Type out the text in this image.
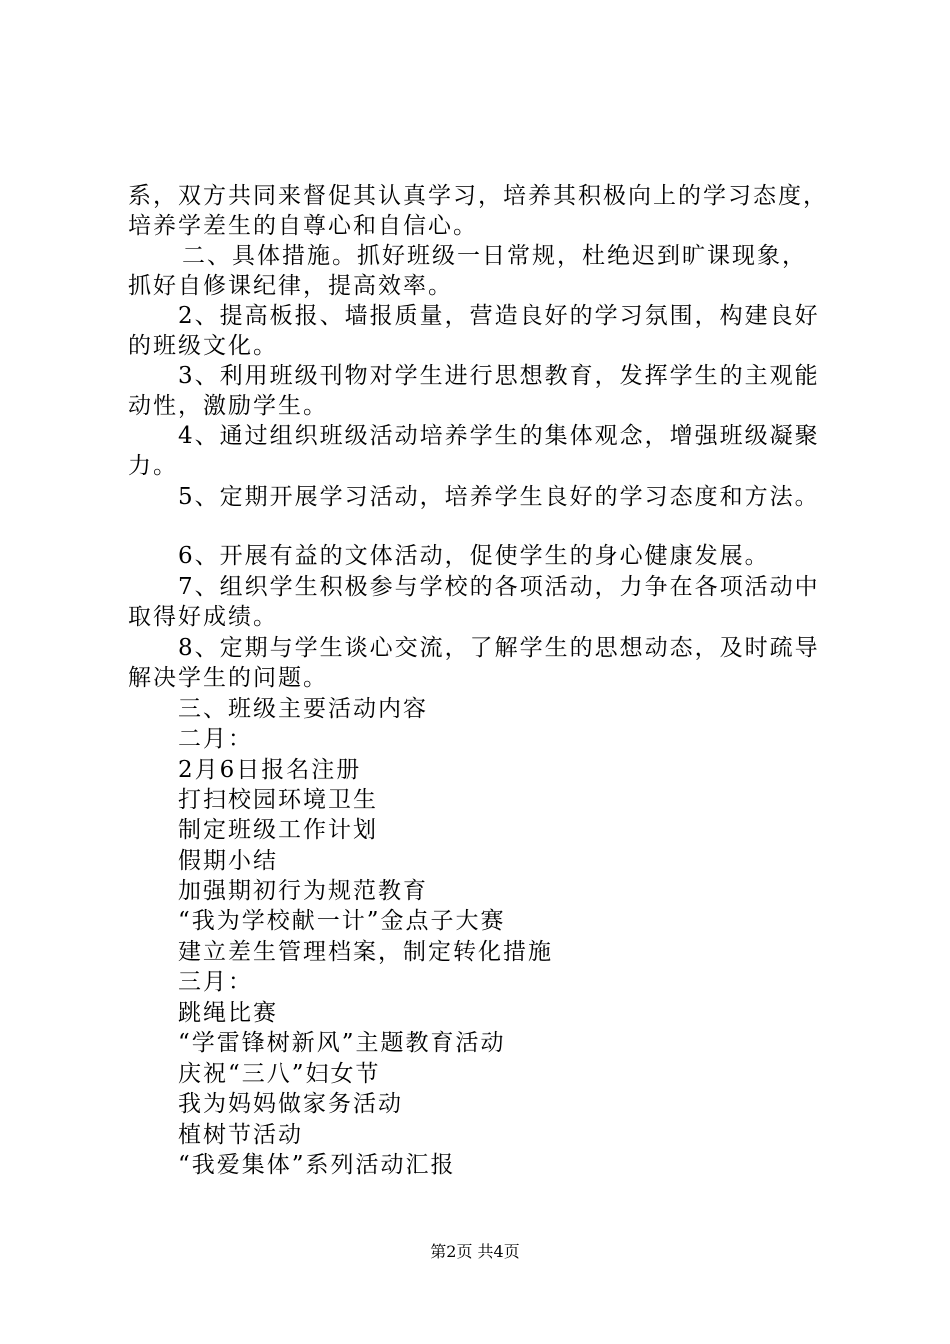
系，双方共同来督促其认真学习，培养其积极向上的学习态度，
培养学差生的自尊心和自信心。
二、具体措施。抓好班级一日常规，杜绝迟到旷课现象，
抓好自修课纪律，提高效率。
2、提高板报、墙报质量，营造良好的学习氛围，构建良好
的班级文化。
3、利用班级刊物对学生进行思想教育，发挥学生的主观能
动性，激励学生。
4、通过组织班级活动培养学生的集体观念，增强班级凝聚
力。
5、定期开展学习活动，培养学生良好的学习态度和方法。
6、开展有益的文体活动，促使学生的身心健康发展。
7、组织学生积极参与学校的各项活动，力争在各项活动中
取得好成绩。
8、定期与学生谈心交流，了解学生的思想动态，及时疏导
解决学生的问题。
三、班级主要活动内容
二月：
2月6日报名注册
打扫校园环境卫生
制定班级工作计划
假期小结
加强期初行为规范教育
“我为学校献一计”金点子大赛
建立差生管理档案，制定转化措施
三月：
跳绳比赛
“学雷锋树新风”主题教育活动
庆祝“三八”妇女节
我为妈妈做家务活动
植树节活动
“我爱集体”系列活动汇报
第2页 共4页
